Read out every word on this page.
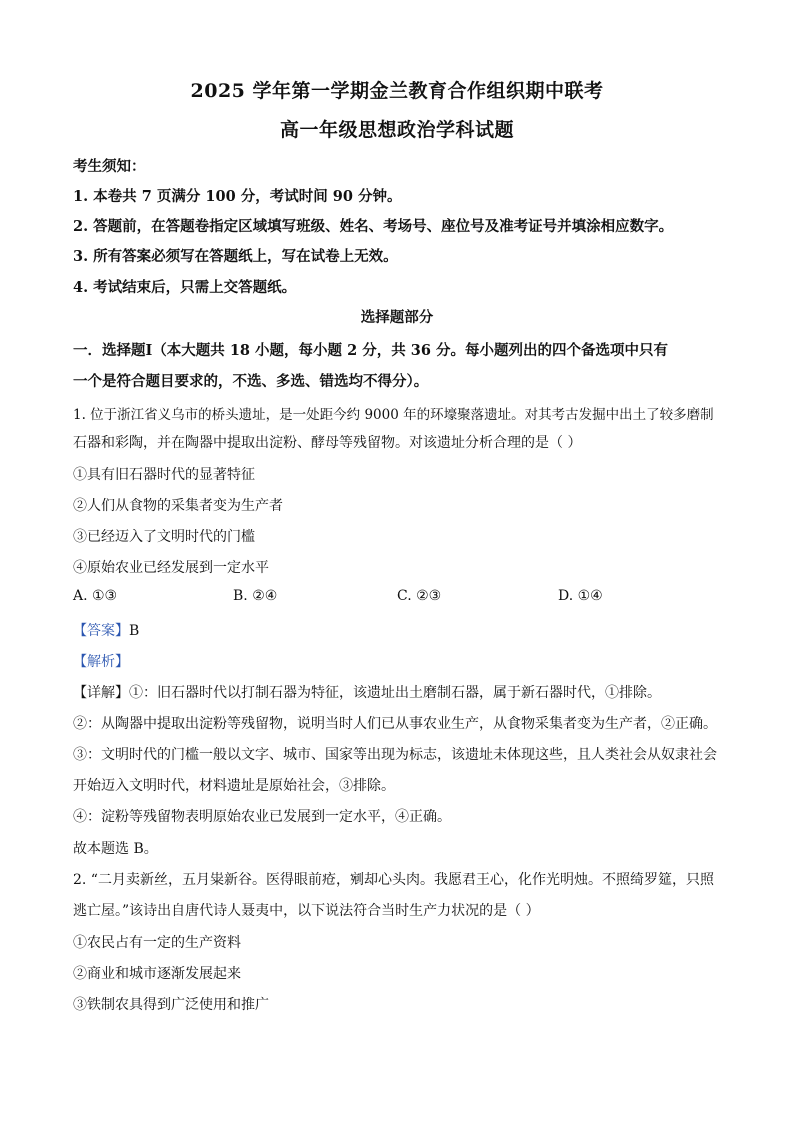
2025 学年第一学期金兰教育合作组织期中联考
高一年级思想政治学科试题
考生须知：
1. 本卷共 7 页满分 100 分，考试时间 90 分钟。
2. 答题前，在答题卷指定区域填写班级、姓名、考场号、座位号及准考证号并填涂相应数字。
3. 所有答案必须写在答题纸上，写在试卷上无效。
4. 考试结束后，只需上交答题纸。
选择题部分
一．选择题Ⅰ（本大题共 18 小题，每小题 2 分，共 36 分。每小题列出的四个备选项中只有
一个是符合题目要求的，不选、多选、错选均不得分）。
1. 位于浙江省义乌市的桥头遗址，是一处距今约 9000 年的环壕聚落遗址。对其考古发掘中出土了较多磨制
石器和彩陶，并在陶器中提取出淀粉、酵母等残留物。对该遗址分析合理的是（ ）
①具有旧石器时代的显著特征
②人们从食物的采集者变为生产者
③已经迈入了文明时代的门槛
④原始农业已经发展到一定水平
A. ①③	B. ②④	C. ②③	D. ①④
【答案】B
【解析】
【详解】①：旧石器时代以打制石器为特征，该遗址出土磨制石器，属于新石器时代，①排除。
②：从陶器中提取出淀粉等残留物，说明当时人们已从事农业生产，从食物采集者变为生产者，②正确。
③：文明时代的门槛一般以文字、城市、国家等出现为标志，该遗址未体现这些，且人类社会从奴隶社会
开始迈入文明时代，材料遗址是原始社会，③排除。
④：淀粉等残留物表明原始农业已发展到一定水平，④正确。
故本题选 B。
2. “二月卖新丝，五月粜新谷。医得眼前疮，剜却心头肉。我愿君王心，化作光明烛。不照绮罗筵，只照
逃亡屋。”该诗出自唐代诗人聂夷中，以下说法符合当时生产力状况的是（ ）
①农民占有一定的生产资料
②商业和城市逐渐发展起来
③铁制农具得到广泛使用和推广
